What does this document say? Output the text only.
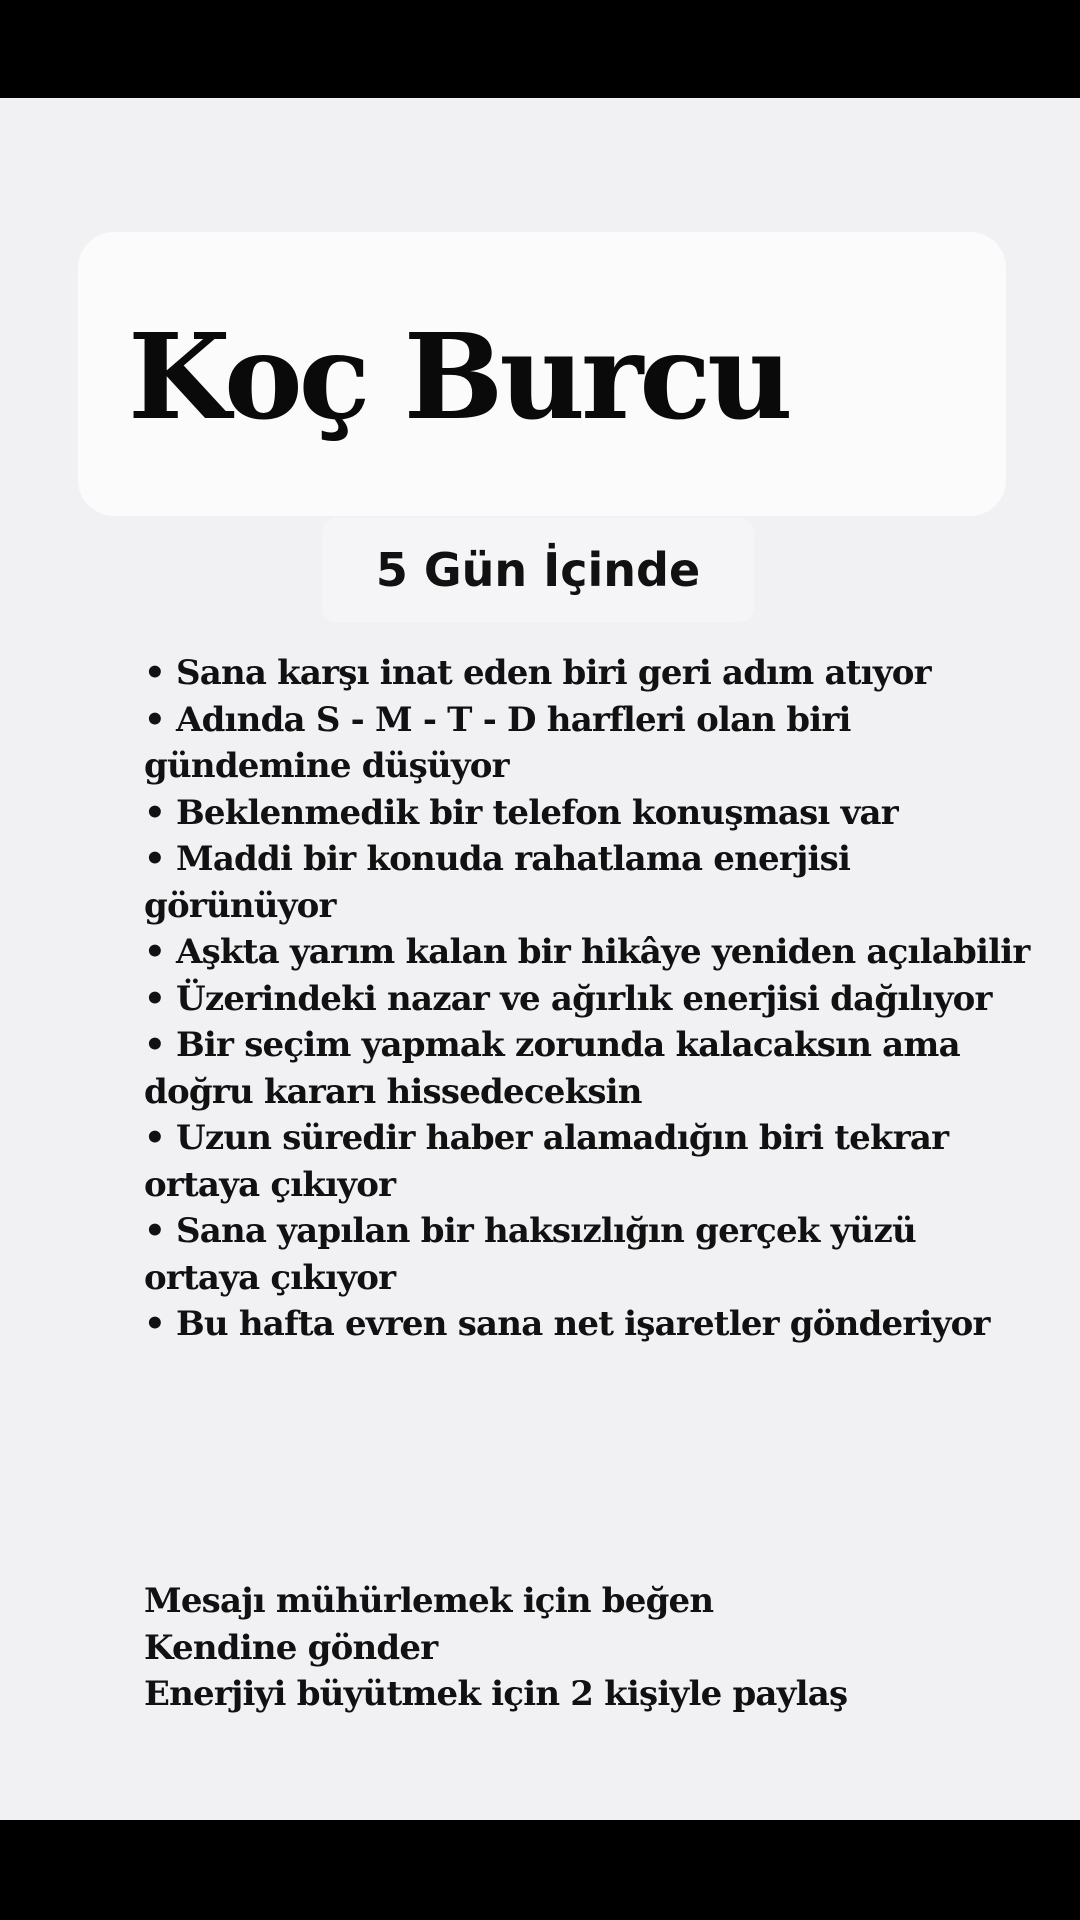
Koç Burcu
5 Gün İçinde
• Sana karşı inat eden biri geri adım atıyor
• Adında S - M - T - D harfleri olan biri gündemine düşüyor
• Beklenmedik bir telefon konuşması var
• Maddi bir konuda rahatlama enerjisi görünüyor
• Aşkta yarım kalan bir hikâye yeniden açılabilir
• Üzerindeki nazar ve ağırlık enerjisi dağılıyor
• Bir seçim yapmak zorunda kalacaksın ama doğru kararı hissedeceksin
• Uzun süredir haber alamadığın biri tekrar ortaya çıkıyor
• Sana yapılan bir haksızlığın gerçek yüzü ortaya çıkıyor
• Bu hafta evren sana net işaretler gönderiyor
Mesajı mühürlemek için beğen
Kendine gönder
Enerjiyi büyütmek için 2 kişiyle paylaş
